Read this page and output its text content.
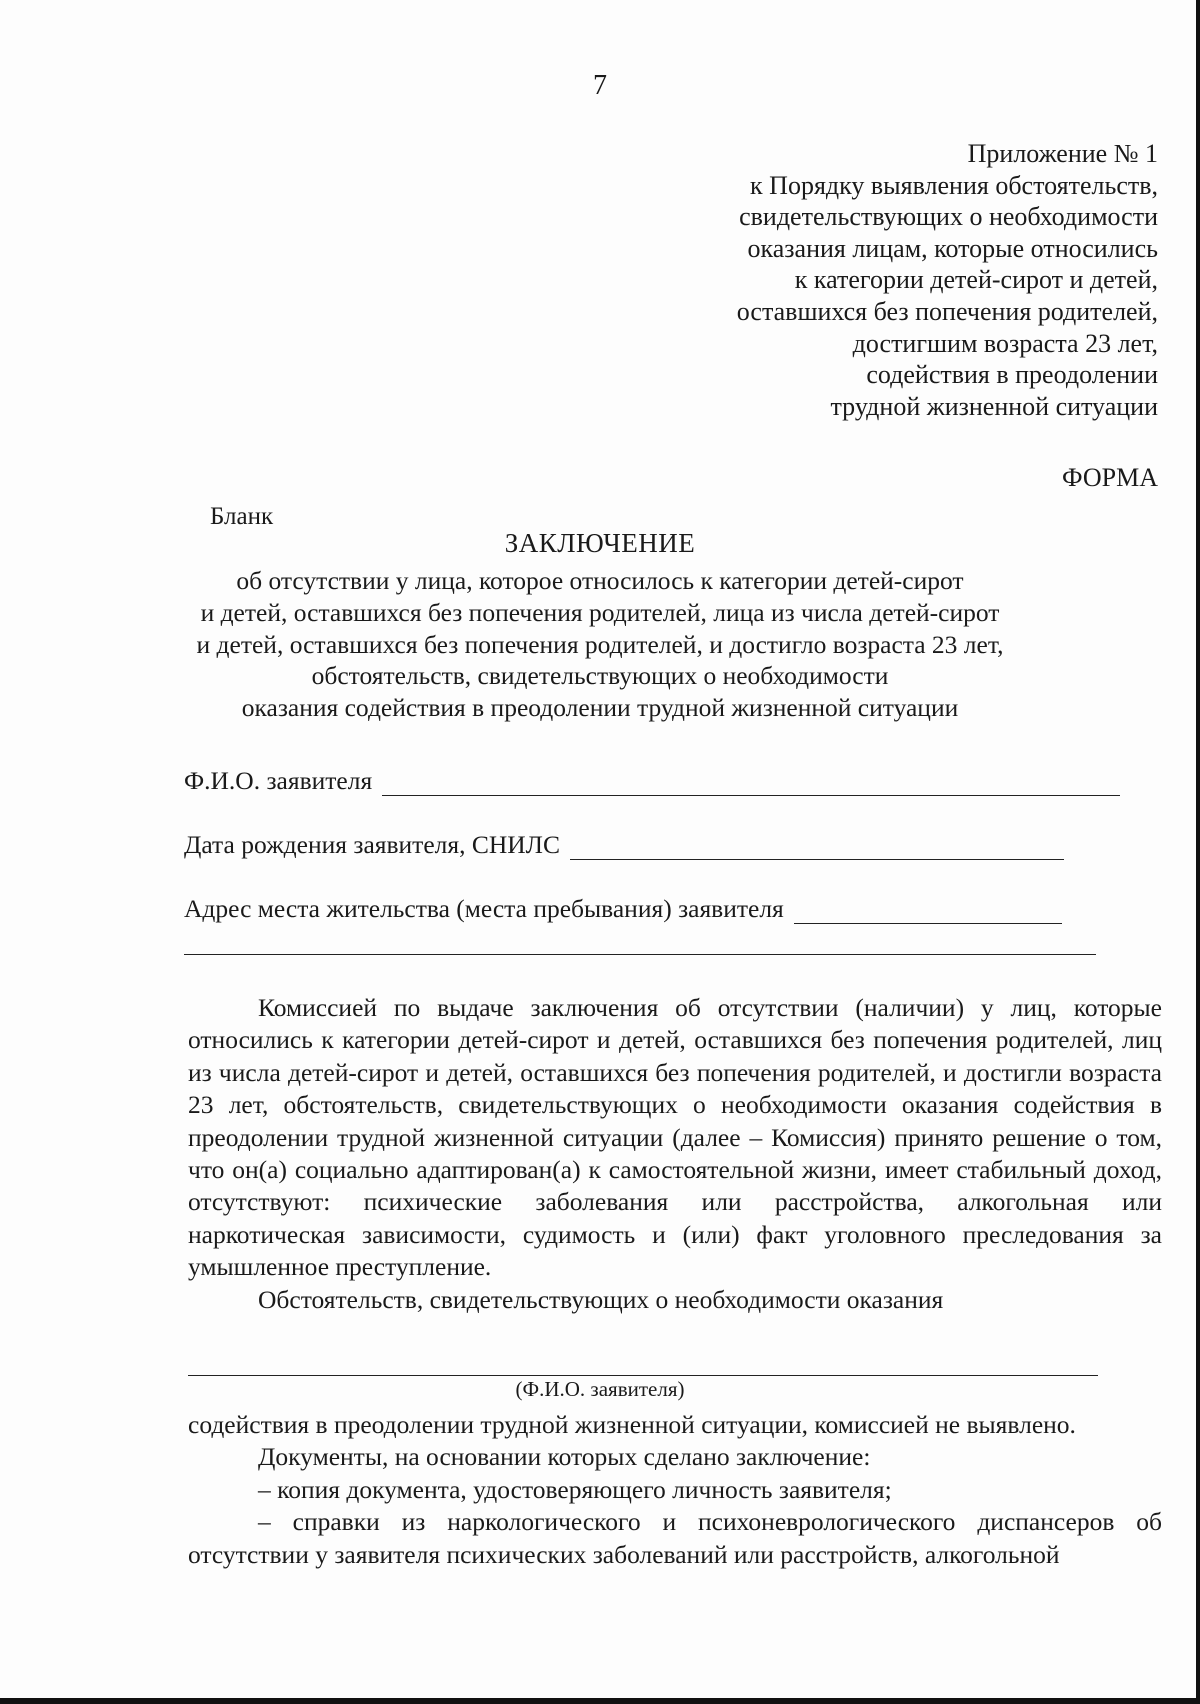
7
Приложение № 1
к Порядку выявления обстоятельств,
свидетельствующих о необходимости
оказания лицам, которые относились
к категории детей-сирот и детей,
оставшихся без попечения родителей,
достигшим возраста 23 лет,
содействия в преодолении
трудной жизненной ситуации
ФОРМА
Бланк
ЗАКЛЮЧЕНИЕ
об отсутствии у лица, которое относилось к категории детей-сирот
и детей, оставшихся без попечения родителей, лица из числа детей-сирот
и детей, оставшихся без попечения родителей, и достигло возраста 23 лет,
обстоятельств, свидетельствующих о необходимости
оказания содействия в преодолении трудной жизненной ситуации
Ф.И.О. заявителя
Дата рождения заявителя, СНИЛС
Адрес места жительства (места пребывания) заявителя

Комиссией по выдаче заключения об отсутствии (наличии) у лиц, которые относились к категории детей-сирот и детей, оставшихся без попечения родителей, лиц из числа детей-сирот и детей, оставшихся без попечения родителей, и достигли возраста 23 лет, обстоятельств, свидетельствующих о необходимости оказания содействия в преодолении трудной жизненной ситуации (далее – Комиссия) принято решение о том, что он(а) социально адаптирован(а) к самостоятельной жизни, имеет стабильный доход, отсутствуют: психические заболевания или расстройства, алкогольная или наркотическая зависимости, судимость и (или) факт уголовного преследования за умышленное преступление.

Обстоятельств, свидетельствующих о необходимости оказания

(Ф.И.О. заявителя)

содействия в преодолении трудной жизненной ситуации, комиссией не выявлено.

Документы, на основании которых сделано заключение:

– копия документа, удостоверяющего личность заявителя;

– справки из наркологического и психоневрологического диспансеров об отсутствии у заявителя психических заболеваний или расстройств, алкогольной
